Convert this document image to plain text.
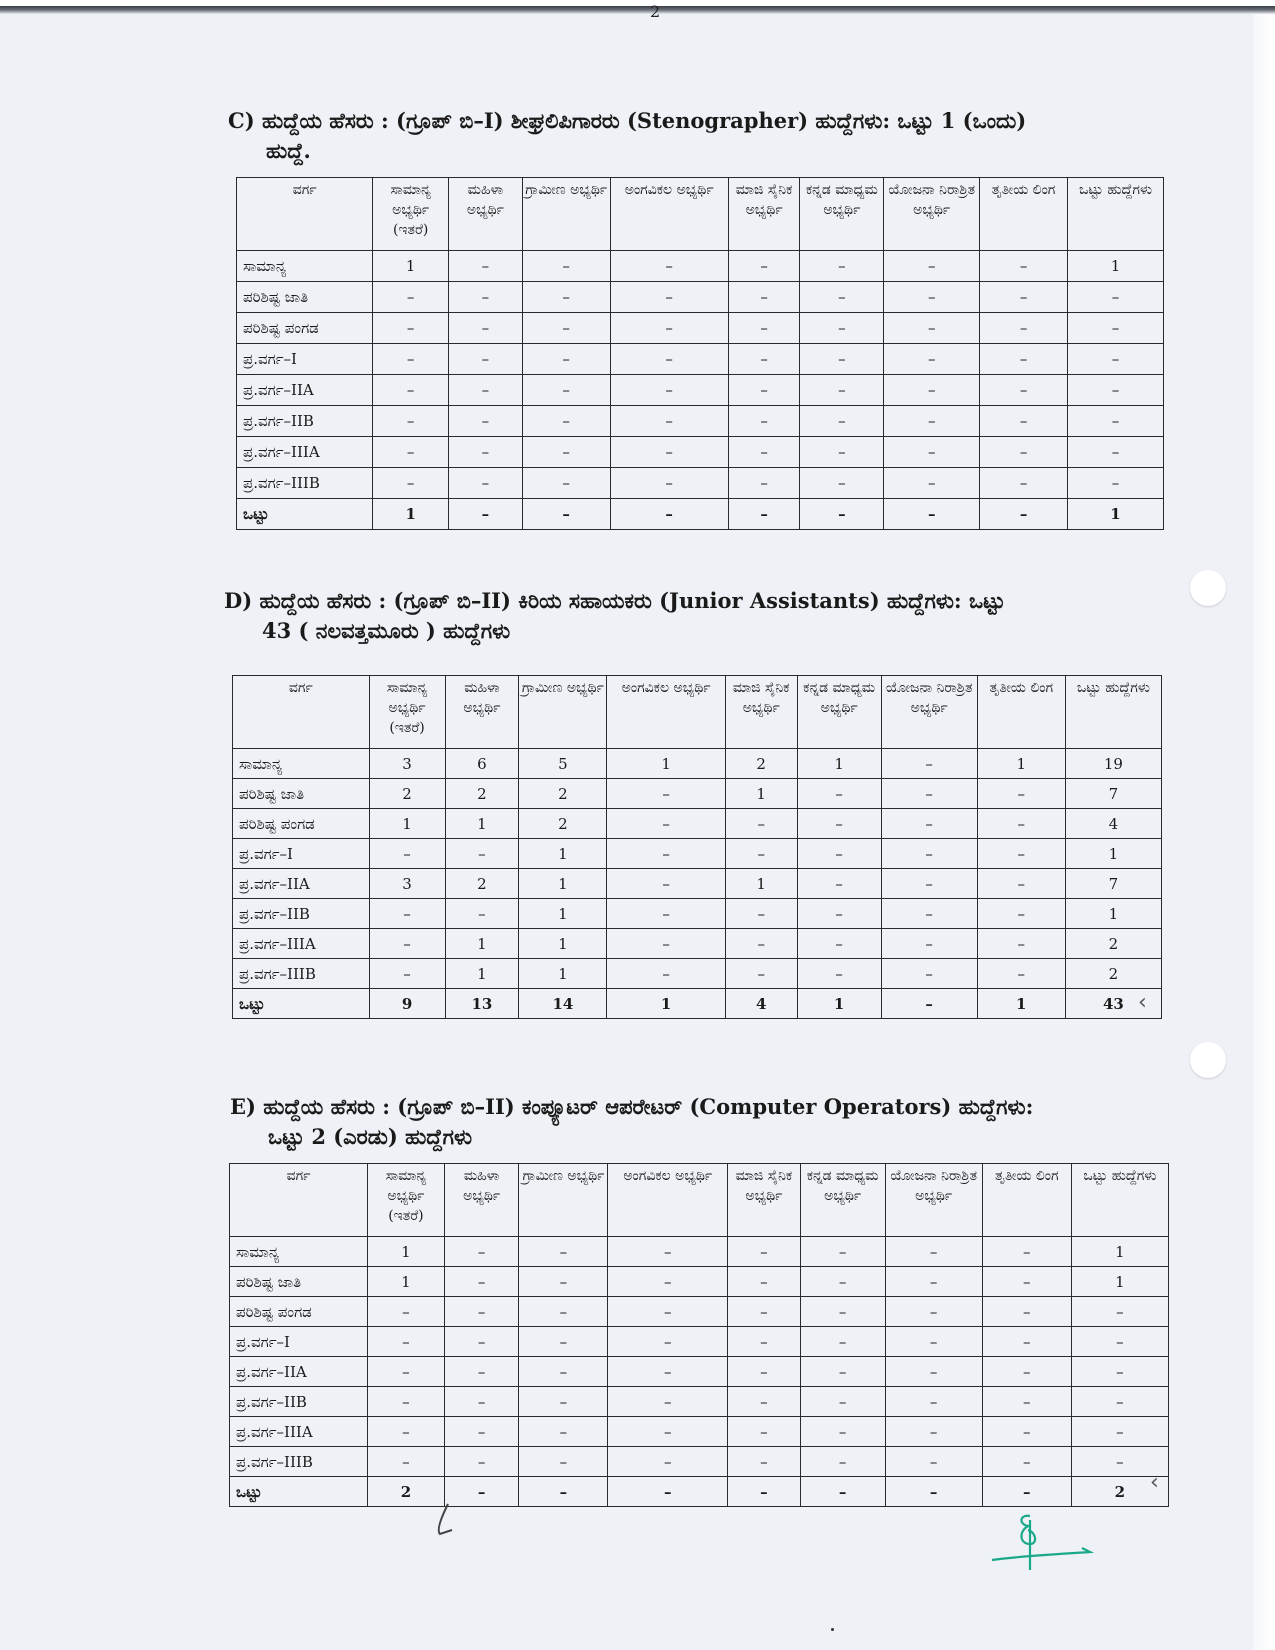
2
C) ಹುದ್ದೆಯ ಹೆಸರು : (ಗ್ರೂಪ್ ಬಿ–I) ಶೀಘ್ರಲಿಪಿಗಾರರು (Stenographer) ಹುದ್ದೆಗಳು: ಒಟ್ಟು 1 (ಒಂದು)
ಹುದ್ದೆ.
ವರ್ಗ	ಸಾಮಾನ್ಯ ಅಭ್ಯರ್ಥಿ (ಇತರೆ)	ಮಹಿಳಾ ಅಭ್ಯರ್ಥಿ	ಗ್ರಾಮೀಣ ಅಭ್ಯರ್ಥಿ	ಅಂಗವಿಕಲ ಅಭ್ಯರ್ಥಿ	ಮಾಜಿ ಸೈನಿಕ ಅಭ್ಯರ್ಥಿ	ಕನ್ನಡ ಮಾಧ್ಯಮ ಅಭ್ಯರ್ಥಿ	ಯೋಜನಾ ನಿರಾಶ್ರಿತ ಅಭ್ಯರ್ಥಿ	ತೃತೀಯ ಲಿಂಗ	ಒಟ್ಟು ಹುದ್ದೆಗಳು
ಸಾಮಾನ್ಯ	1	–	–	–	–	–	–	–	1
ಪರಿಶಿಷ್ಟ ಜಾತಿ	–	–	–	–	–	–	–	–	–
ಪರಿಶಿಷ್ಟ ಪಂಗಡ	–	–	–	–	–	–	–	–	–
ಪ್ರ.ವರ್ಗ–I	–	–	–	–	–	–	–	–	–
ಪ್ರ.ವರ್ಗ–IIA	–	–	–	–	–	–	–	–	–
ಪ್ರ.ವರ್ಗ–IIB	–	–	–	–	–	–	–	–	–
ಪ್ರ.ವರ್ಗ–IIIA	–	–	–	–	–	–	–	–	–
ಪ್ರ.ವರ್ಗ–IIIB	–	–	–	–	–	–	–	–	–
ಒಟ್ಟು	1	–	–	–	–	–	–	–	1
D) ಹುದ್ದೆಯ ಹೆಸರು : (ಗ್ರೂಪ್ ಬಿ–II) ಕಿರಿಯ ಸಹಾಯಕರು (Junior Assistants) ಹುದ್ದೆಗಳು: ಒಟ್ಟು
43 ( ನಲವತ್ತಮೂರು ) ಹುದ್ದೆಗಳು
ವರ್ಗ	ಸಾಮಾನ್ಯ ಅಭ್ಯರ್ಥಿ (ಇತರೆ)	ಮಹಿಳಾ ಅಭ್ಯರ್ಥಿ	ಗ್ರಾಮೀಣ ಅಭ್ಯರ್ಥಿ	ಅಂಗವಿಕಲ ಅಭ್ಯರ್ಥಿ	ಮಾಜಿ ಸೈನಿಕ ಅಭ್ಯರ್ಥಿ	ಕನ್ನಡ ಮಾಧ್ಯಮ ಅಭ್ಯರ್ಥಿ	ಯೋಜನಾ ನಿರಾಶ್ರಿತ ಅಭ್ಯರ್ಥಿ	ತೃತೀಯ ಲಿಂಗ	ಒಟ್ಟು ಹುದ್ದೆಗಳು
ಸಾಮಾನ್ಯ	3	6	5	1	2	1	–	1	19
ಪರಿಶಿಷ್ಟ ಜಾತಿ	2	2	2	–	1	–	–	–	7
ಪರಿಶಿಷ್ಟ ಪಂಗಡ	1	1	2	–	–	–	–	–	4
ಪ್ರ.ವರ್ಗ–I	–	–	1	–	–	–	–	–	1
ಪ್ರ.ವರ್ಗ–IIA	3	2	1	–	1	–	–	–	7
ಪ್ರ.ವರ್ಗ–IIB	–	–	1	–	–	–	–	–	1
ಪ್ರ.ವರ್ಗ–IIIA	–	1	1	–	–	–	–	–	2
ಪ್ರ.ವರ್ಗ–IIIB	–	1	1	–	–	–	–	–	2
ಒಟ್ಟು	9	13	14	1	4	1	–	1	43
E) ಹುದ್ದೆಯ ಹೆಸರು : (ಗ್ರೂಪ್ ಬಿ–II) ಕಂಪ್ಯೂಟರ್ ಆಪರೇಟರ್ (Computer Operators) ಹುದ್ದೆಗಳು:
ಒಟ್ಟು 2 (ಎರಡು) ಹುದ್ದೆಗಳು
ವರ್ಗ	ಸಾಮಾನ್ಯ ಅಭ್ಯರ್ಥಿ (ಇತರೆ)	ಮಹಿಳಾ ಅಭ್ಯರ್ಥಿ	ಗ್ರಾಮೀಣ ಅಭ್ಯರ್ಥಿ	ಅಂಗವಿಕಲ ಅಭ್ಯರ್ಥಿ	ಮಾಜಿ ಸೈನಿಕ ಅಭ್ಯರ್ಥಿ	ಕನ್ನಡ ಮಾಧ್ಯಮ ಅಭ್ಯರ್ಥಿ	ಯೋಜನಾ ನಿರಾಶ್ರಿತ ಅಭ್ಯರ್ಥಿ	ತೃತೀಯ ಲಿಂಗ	ಒಟ್ಟು ಹುದ್ದೆಗಳು
ಸಾಮಾನ್ಯ	1	–	–	–	–	–	–	–	1
ಪರಿಶಿಷ್ಟ ಜಾತಿ	1	–	–	–	–	–	–	–	1
ಪರಿಶಿಷ್ಟ ಪಂಗಡ	–	–	–	–	–	–	–	–	–
ಪ್ರ.ವರ್ಗ–I	–	–	–	–	–	–	–	–	–
ಪ್ರ.ವರ್ಗ–IIA	–	–	–	–	–	–	–	–	–
ಪ್ರ.ವರ್ಗ–IIB	–	–	–	–	–	–	–	–	–
ಪ್ರ.ವರ್ಗ–IIIA	–	–	–	–	–	–	–	–	–
ಪ್ರ.ವರ್ಗ–IIIB	–	–	–	–	–	–	–	–	–
ಒಟ್ಟು	2	–	–	–	–	–	–	–	2
‹
‹
